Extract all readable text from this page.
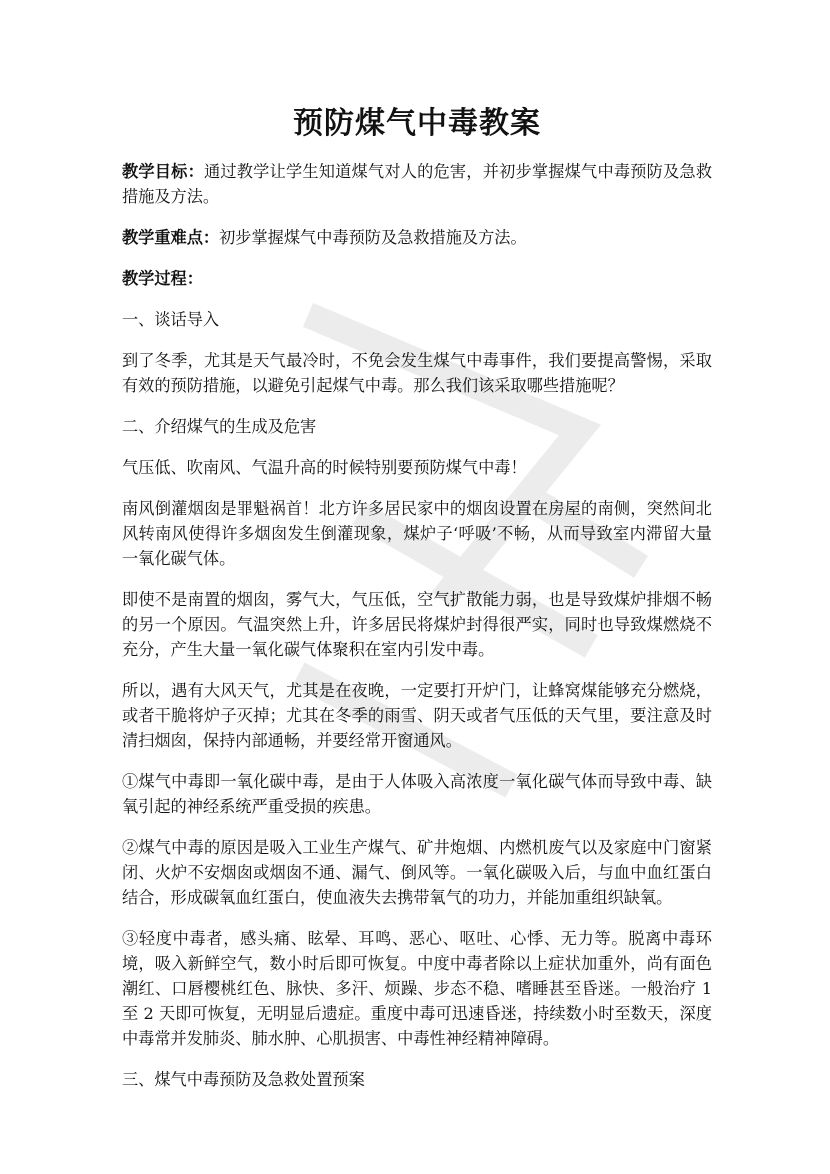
预防煤气中毒教案

教学目标：通过教学让学生知道煤气对人的危害，并初步掌握煤气中毒预防及急救措施及方法。

教学重难点：初步掌握煤气中毒预防及急救措施及方法。

教学过程：

一、谈话导入

到了冬季，尤其是天气最冷时，不免会发生煤气中毒事件，我们要提高警惕，采取有效的预防措施，以避免引起煤气中毒。那么我们该采取哪些措施呢？

二、介绍煤气的生成及危害

气压低、吹南风、气温升高的时候特别要预防煤气中毒！

南风倒灌烟囱是罪魁祸首！北方许多居民家中的烟囱设置在房屋的南侧，突然间北风转南风使得许多烟囱发生倒灌现象，煤炉子‘呼吸’不畅，从而导致室内滞留大量一氧化碳气体。

即使不是南置的烟囱，雾气大，气压低，空气扩散能力弱，也是导致煤炉排烟不畅的另一个原因。气温突然上升，许多居民将煤炉封得很严实，同时也导致煤燃烧不充分，产生大量一氧化碳气体聚积在室内引发中毒。

所以，遇有大风天气，尤其是在夜晚，一定要打开炉门，让蜂窝煤能够充分燃烧，或者干脆将炉子灭掉；尤其在冬季的雨雪、阴天或者气压低的天气里，要注意及时清扫烟囱，保持内部通畅，并要经常开窗通风。

①煤气中毒即一氧化碳中毒，是由于人体吸入高浓度一氧化碳气体而导致中毒、缺氧引起的神经系统严重受损的疾患。

②煤气中毒的原因是吸入工业生产煤气、矿井炮烟、内燃机废气以及家庭中门窗紧闭、火炉不安烟囱或烟囱不通、漏气、倒风等。一氧化碳吸入后，与血中血红蛋白结合，形成碳氧血红蛋白，使血液失去携带氧气的功力，并能加重组织缺氧。

③轻度中毒者，感头痛、眩晕、耳鸣、恶心、呕吐、心悸、无力等。脱离中毒环境，吸入新鲜空气，数小时后即可恢复。中度中毒者除以上症状加重外，尚有面色潮红、口唇樱桃红色、脉快、多汗、烦躁、步态不稳、嗜睡甚至昏迷。一般治疗 1 至 2 天即可恢复，无明显后遗症。重度中毒可迅速昏迷，持续数小时至数天，深度中毒常并发肺炎、肺水肿、心肌损害、中毒性神经精神障碍。

三、煤气中毒预防及急救处置预案
